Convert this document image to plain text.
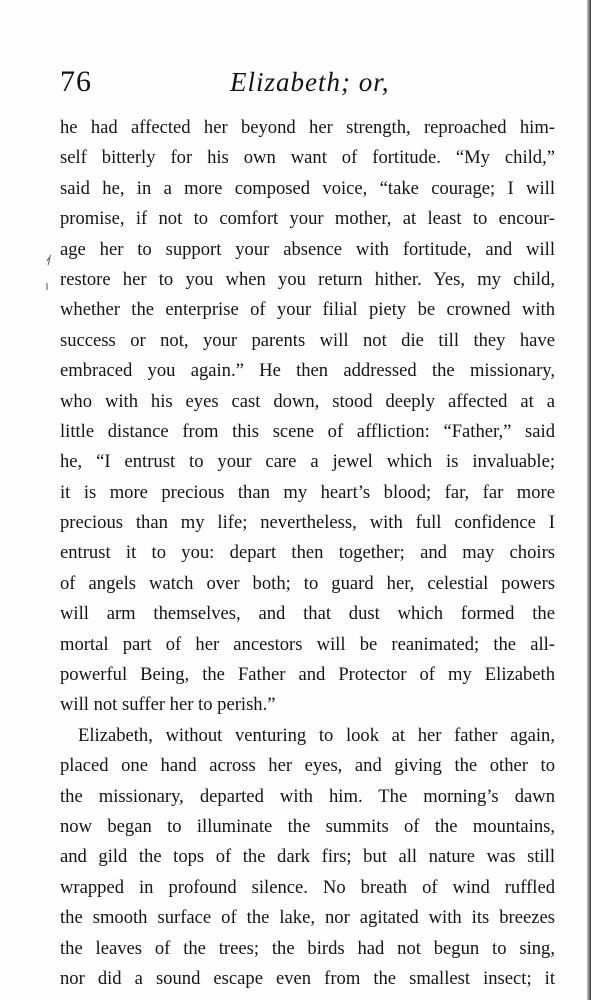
76	Elizabeth; or,
he had affected her beyond her strength, reproached him-
self bitterly for his own want of fortitude. “My child,”
said he, in a more composed voice, “take courage; I will
promise, if not to comfort your mother, at least to encour-
age her to support your absence with fortitude, and will
restore her to you when you return hither. Yes, my child,
whether the enterprise of your filial piety be crowned with
success or not, your parents will not die till they have
embraced you again.” He then addressed the missionary,
who with his eyes cast down, stood deeply affected at a
little distance from this scene of affliction: “Father,” said
he, “I entrust to your care a jewel which is invaluable;
it is more precious than my heart’s blood; far, far more
precious than my life; nevertheless, with full confidence I
entrust it to you: depart then together; and may choirs
of angels watch over both; to guard her, celestial powers
will arm themselves, and that dust which formed the
mortal part of her ancestors will be reanimated; the all-
powerful Being, the Father and Protector of my Elizabeth
will not suffer her to perish.”
Elizabeth, without venturing to look at her father again,
placed one hand across her eyes, and giving the other to
the missionary, departed with him. The morning’s dawn
now began to illuminate the summits of the mountains,
and gild the tops of the dark firs; but all nature was still
wrapped in profound silence. No breath of wind ruffled
the smooth surface of the lake, nor agitated with its breezes
the leaves of the trees; the birds had not begun to sing,
nor did a sound escape even from the smallest insect; it
